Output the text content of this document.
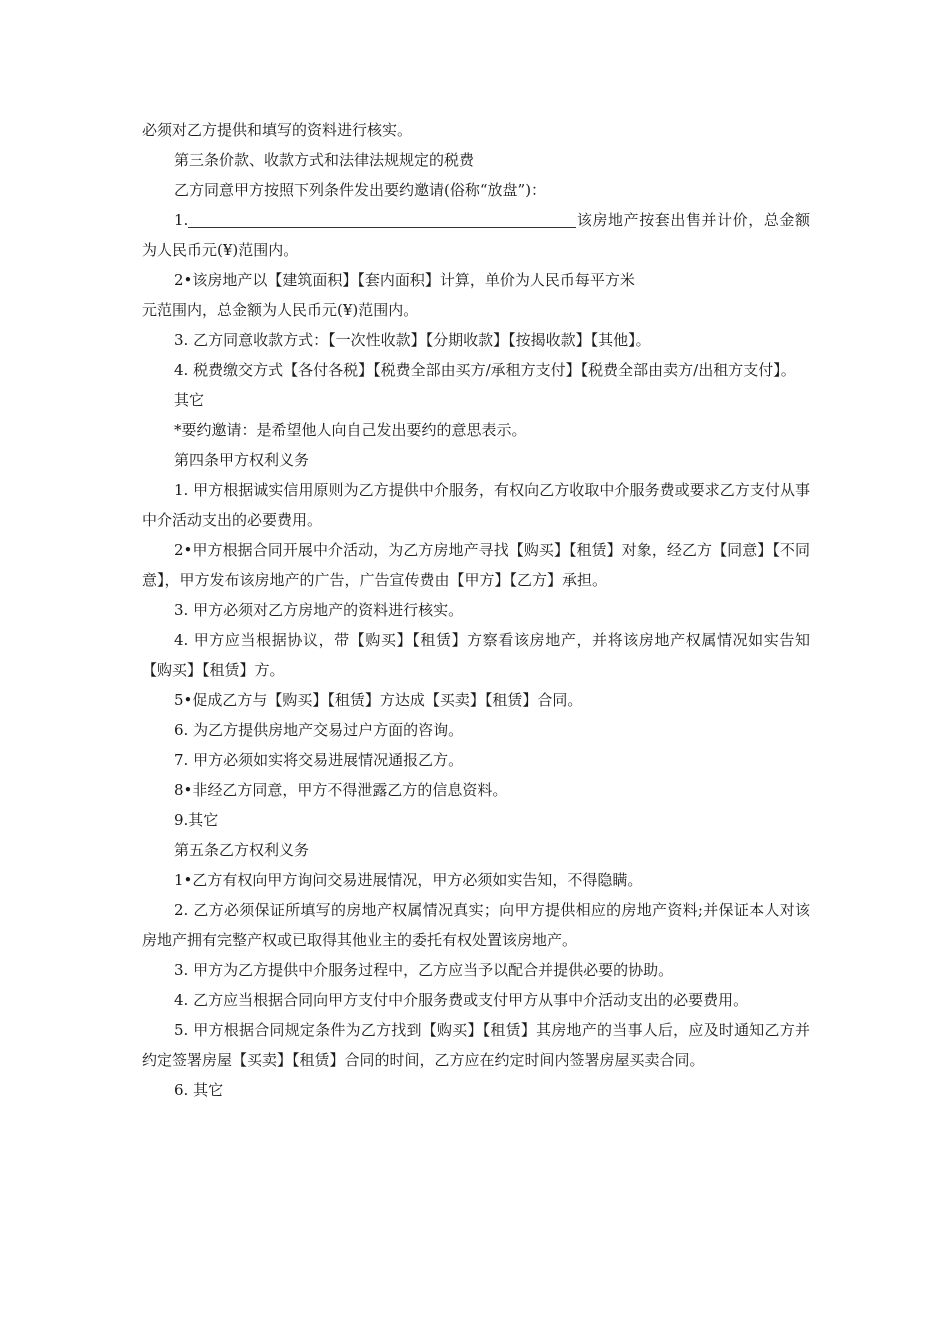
必须对乙方提供和填写的资料进行核实。

第三条价款、收款方式和法律法规规定的税费

乙方同意甲方按照下列条件发出要约邀请(俗称“放盘”)：

1.	该房地产按套出售并计价，总金额为人民币元(¥)范围内。

2•该房地产以【建筑面积】【套内面积】计算，单价为人民币每平方米

元范围内，总金额为人民币元(¥)范围内。

3. 乙方同意收款方式：【一次性收款】【分期收款】【按揭收款】【其他】。

4. 税费缴交方式【各付各税】【税费全部由买方/承租方支付】【税费全部由卖方/出租方支付】。

其它

*要约邀请：是希望他人向自己发出要约的意思表示。

第四条甲方权利义务

1. 甲方根据诚实信用原则为乙方提供中介服务，有权向乙方收取中介服务费或要求乙方支付从事中介活动支出的必要费用。

2•甲方根据合同开展中介活动，为乙方房地产寻找【购买】【租赁】对象，经乙方【同意】【不同意】，甲方发布该房地产的广告，广告宣传费由【甲方】【乙方】承担。

3. 甲方必须对乙方房地产的资料进行核实。

4. 甲方应当根据协议，带【购买】【租赁】方察看该房地产，并将该房地产权属情况如实告知【购买】【租赁】方。

5•促成乙方与【购买】【租赁】方达成【买卖】【租赁】合同。

6. 为乙方提供房地产交易过户方面的咨询。

7. 甲方必须如实将交易进展情况通报乙方。

8•非经乙方同意，甲方不得泄露乙方的信息资料。

9.其它

第五条乙方权利义务

1•乙方有权向甲方询问交易进展情况，甲方必须如实告知，不得隐瞒。

2. 乙方必须保证所填写的房地产权属情况真实；向甲方提供相应的房地产资料;并保证本人对该房地产拥有完整产权或已取得其他业主的委托有权处置该房地产。

3. 甲方为乙方提供中介服务过程中，乙方应当予以配合并提供必要的协助。

4. 乙方应当根据合同向甲方支付中介服务费或支付甲方从事中介活动支出的必要费用。

5. 甲方根据合同规定条件为乙方找到【购买】【租赁】其房地产的当事人后，应及时通知乙方并约定签署房屋【买卖】【租赁】合同的时间，乙方应在约定时间内签署房屋买卖合同。

6. 其它
